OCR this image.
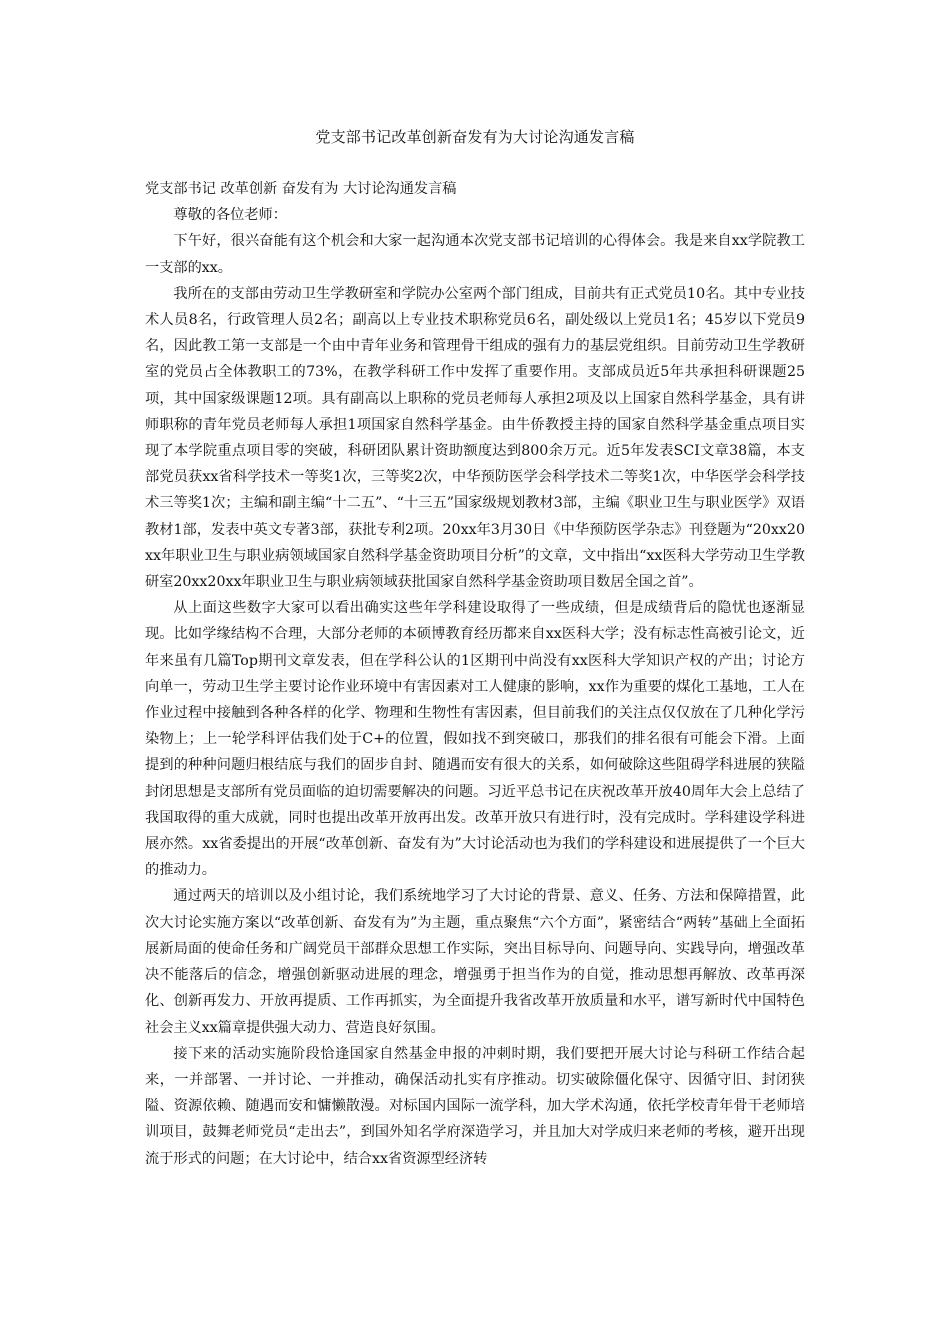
党支部书记改革创新奋发有为大讨论沟通发言稿

党支部书记 改革创新 奋发有为 大讨论沟通发言稿

尊敬的各位老师：

下午好，很兴奋能有这个机会和大家一起沟通本次党支部书记培训的心得体会。我是来自xx学院教工一支部的xx。

我所在的支部由劳动卫生学教研室和学院办公室两个部门组成，目前共有正式党员10名。其中专业技术人员8名，行政管理人员2名；副高以上专业技术职称党员6名，副处级以上党员1名；45岁以下党员9名，因此教工第一支部是一个由中青年业务和管理骨干组成的强有力的基层党组织。目前劳动卫生学教研室的党员占全体教职工的73%，在教学科研工作中发挥了重要作用。支部成员近5年共承担科研课题25项，其中国家级课题12项。具有副高以上职称的党员老师每人承担2项及以上国家自然科学基金，具有讲师职称的青年党员老师每人承担1项国家自然科学基金。由牛侨教授主持的国家自然科学基金重点项目实现了本学院重点项目零的突破，科研团队累计资助额度达到800余万元。近5年发表SCI文章38篇，本支部党员获xx省科学技术一等奖1次，三等奖2次，中华预防医学会科学技术二等奖1次，中华医学会科学技术三等奖1次；主编和副主编“十二五”、“十三五”国家级规划教材3部，主编《职业卫生与职业医学》双语教材1部，发表中英文专著3部，获批专利2项。20xx年3月30日《中华预防医学杂志》刊登题为“20xx20xx年职业卫生与职业病领域国家自然科学基金资助项目分析”的文章，文中指出“xx医科大学劳动卫生学教研室20xx20xx年职业卫生与职业病领域获批国家自然科学基金资助项目数居全国之首”。

从上面这些数字大家可以看出确实这些年学科建设取得了一些成绩，但是成绩背后的隐忧也逐渐显现。比如学缘结构不合理，大部分老师的本硕博教育经历都来自xx医科大学；没有标志性高被引论文，近年来虽有几篇Top期刊文章发表，但在学科公认的1区期刊中尚没有xx医科大学知识产权的产出；讨论方向单一，劳动卫生学主要讨论作业环境中有害因素对工人健康的影响，xx作为重要的煤化工基地，工人在作业过程中接触到各种各样的化学、物理和生物性有害因素，但目前我们的关注点仅仅放在了几种化学污染物上；上一轮学科评估我们处于C+的位置，假如找不到突破口，那我们的排名很有可能会下滑。上面提到的种种问题归根结底与我们的固步自封、随遇而安有很大的关系，如何破除这些阻碍学科进展的狭隘封闭思想是支部所有党员面临的迫切需要解决的问题。习近平总书记在庆祝改革开放40周年大会上总结了我国取得的重大成就，同时也提出改革开放再出发。改革开放只有进行时，没有完成时。学科建设学科进展亦然。xx省委提出的开展“改革创新、奋发有为”大讨论活动也为我们的学科建设和进展提供了一个巨大的推动力。

通过两天的培训以及小组讨论，我们系统地学习了大讨论的背景、意义、任务、方法和保障措置，此次大讨论实施方案以“改革创新、奋发有为”为主题，重点聚焦“六个方面”，紧密结合“两转”基础上全面拓展新局面的使命任务和广阔党员干部群众思想工作实际，突出目标导向、问题导向、实践导向，增强改革决不能落后的信念，增强创新驱动进展的理念，增强勇于担当作为的自觉，推动思想再解放、改革再深化、创新再发力、开放再提质、工作再抓实，为全面提升我省改革开放质量和水平，谱写新时代中国特色社会主义xx篇章提供强大动力、营造良好氛围。

接下来的活动实施阶段恰逢国家自然基金申报的冲刺时期，我们要把开展大讨论与科研工作结合起来，一并部署、一并讨论、一并推动，确保活动扎实有序推动。切实破除僵化保守、因循守旧、封闭狭隘、资源依赖、随遇而安和慵懒散漫。对标国内国际一流学科，加大学术沟通，依托学校青年骨干老师培训项目，鼓舞老师党员“走出去”，到国外知名学府深造学习，并且加大对学成归来老师的考核，避开出现流于形式的问题；在大讨论中，结合xx省资源型经济转
